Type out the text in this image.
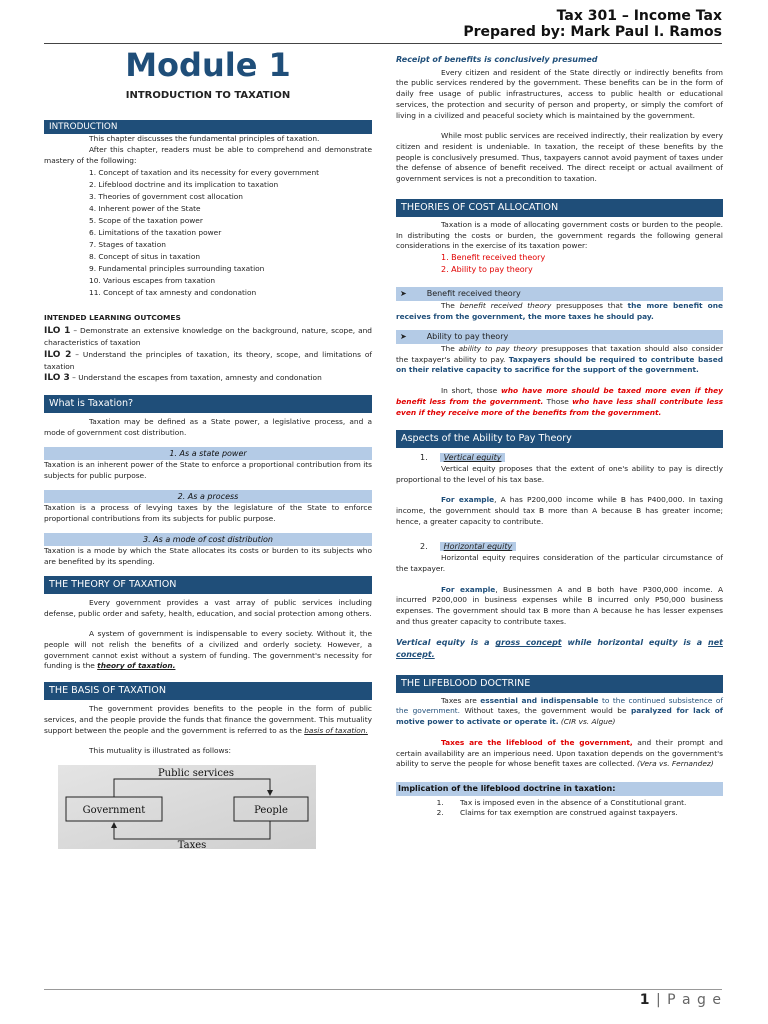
Tax 301 – Income Tax
Prepared by: Mark Paul I. Ramos
Module 1
INTRODUCTION TO TAXATION
INTRODUCTION

This chapter discusses the fundamental principles of taxation.

After this chapter, readers must be able to comprehend and demonstrate mastery of the following:

1. Concept of taxation and its necessity for every government
2. Lifeblood doctrine and its implication to taxation
3. Theories of government cost allocation
4. Inherent power of the State
5. Scope of the taxation power
6. Limitations of the taxation power
7. Stages of taxation
8. Concept of situs in taxation
9. Fundamental principles surrounding taxation
10. Various escapes from taxation
11. Concept of tax amnesty and condonation
INTENDED LEARNING OUTCOMES

ILO 1 – Demonstrate an extensive knowledge on the background, nature, scope, and characteristics of taxation

ILO 2 – Understand the principles of taxation, its theory, scope, and limitations of taxation

ILO 3 – Understand the escapes from taxation, amnesty and condonation

What is Taxation?

Taxation may be defined as a State power, a legislative process, and a mode of government cost distribution.

1. As a state power

Taxation is an inherent power of the State to enforce a proportional contribution from its subjects for public purpose.

2. As a process

Taxation is a process of levying taxes by the legislature of the State to enforce proportional contributions from its subjects for public purpose.

3. As a mode of cost distribution

Taxation is a mode by which the State allocates its costs or burden to its subjects who are benefited by its spending.

THE THEORY OF TAXATION

Every government provides a vast array of public services including defense, public order and safety, health, education, and social protection among others.

A system of government is indispensable to every society. Without it, the people will not relish the benefits of a civilized and orderly society. However, a government cannot exist without a system of funding. The government's necessity for funding is the theory of taxation.

THE BASIS OF TAXATION

The government provides benefits to the people in the form of public services, and the people provide the funds that finance the government. This mutuality support between the people and the government is referred to as the basis of taxation.

This mutuality is illustrated as follows:

Public services
Government	People
Taxes
Receipt of benefits is conclusively presumed

Every citizen and resident of the State directly or indirectly benefits from the public services rendered by the government. These benefits can be in the form of daily free usage of public infrastructures, access to public health or educational services, the protection and security of person and property, or simply the comfort of living in a civilized and peaceful society which is maintained by the government.

While most public services are received indirectly, their realization by every citizen and resident is undeniable. In taxation, the receipt of these benefits by the people is conclusively presumed. Thus, taxpayers cannot avoid payment of taxes under the defense of absence of benefit received. The direct receipt or actual availment of government services is not a precondition to taxation.

THEORIES OF COST ALLOCATION

Taxation is a mode of allocating government costs or burden to the people. In distributing the costs or burden, the government regards the following general considerations in the exercise of its taxation power:

1. Benefit received theory
2. Ability to pay theory
➤	Benefit received theory

The benefit received theory presupposes that the more benefit one receives from the government, the more taxes he should pay.

➤	Ability to pay theory

The ability to pay theory presupposes that taxation should also consider the taxpayer's ability to pay. Taxpayers should be required to contribute based on their relative capacity to sacrifice for the support of the government.

In short, those who have more should be taxed more even if they benefit less from the government. Those who have less shall contribute less even if they receive more of the benefits from the government.

Aspects of the Ability to Pay Theory
1. Vertical equity

Vertical equity proposes that the extent of one's ability to pay is directly proportional to the level of his tax base.

For example, A has P200,000 income while B has P400,000. In taxing income, the government should tax B more than A because B has greater income; hence, a greater capacity to contribute.

2. Horizontal equity

Horizontal equity requires consideration of the particular circumstance of the taxpayer.

For example, Businessmen A and B both have P300,000 income. A incurred P200,000 in business expenses while B incurred only P50,000 business expenses. The government should tax B more than A because he has lesser expenses and thus greater capacity to contribute taxes.

Vertical equity is a gross concept while horizontal equity is a net concept.

THE LIFEBLOOD DOCTRINE

Taxes are essential and indispensable to the continued subsistence of the government. Without taxes, the government would be paralyzed for lack of motive power to activate or operate it. (CIR vs. Algue)

Taxes are the lifeblood of the government, and their prompt and certain availability are an imperious need. Upon taxation depends on the government's ability to serve the people for whose benefit taxes are collected. (Vera vs. Fernandez)

Implication of the lifeblood doctrine in taxation:
1. Tax is imposed even in the absence of a Constitutional grant.
2. Claims for tax exemption are construed against taxpayers.
1 | P a g e
